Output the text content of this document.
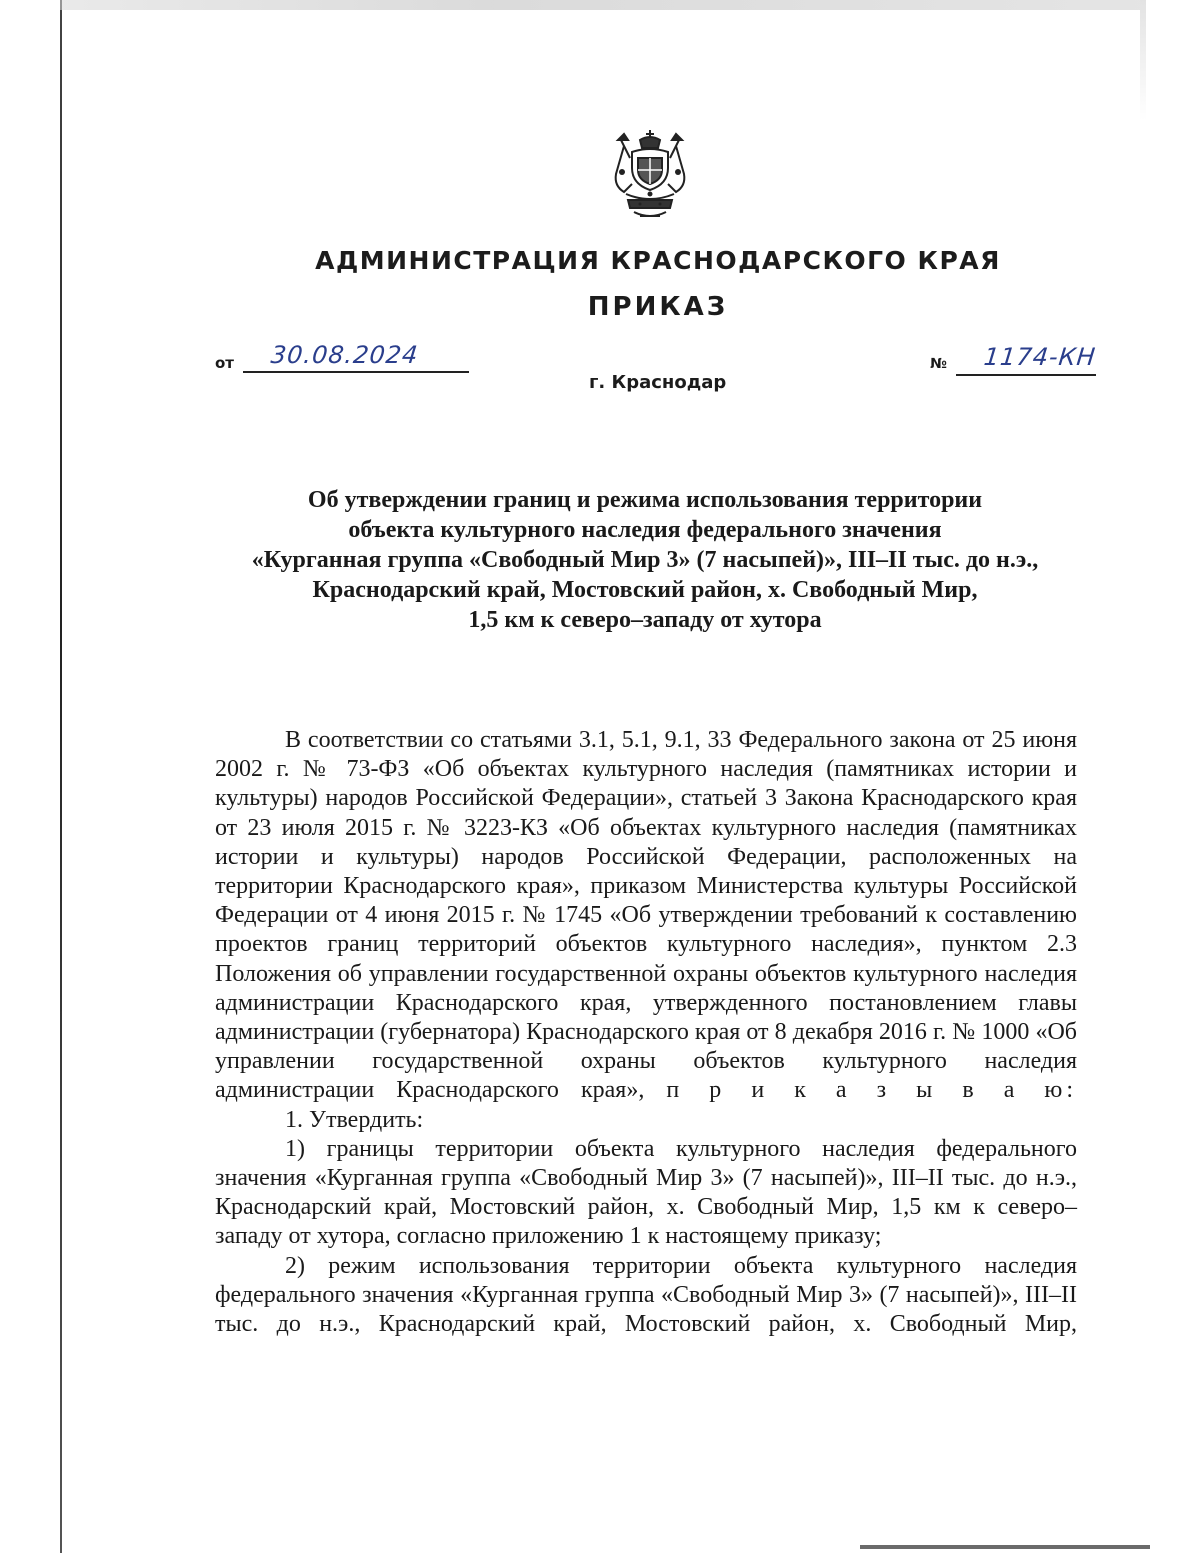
АДМИНИСТРАЦИЯ КРАСНОДАРСКОГО КРАЯ
ПРИКАЗ
от 30.08.2024	№ 1174-КН
г. Краснодар
Об утверждении границ и режима использования территории
объекта культурного наследия федерального значения
«Курганная группа «Свободный Мир 3» (7 насыпей)», III–II тыс. до н.э.,
Краснодарский край, Мостовский район, х. Свободный Мир,
1,5 км к северо–западу от хутора

В соответствии со статьями 3.1, 5.1, 9.1, 33 Федерального закона от 25 июня 2002 г. № 73-ФЗ «Об объектах культурного наследия (памятниках истории и культуры) народов Российской Федерации», статьей 3 Закона Краснодарского края от 23 июля 2015 г. № 3223-КЗ «Об объектах культурного наследия (памятниках истории и культуры) народов Российской Федерации, расположенных на территории Краснодарского края», приказом Министерства культуры Российской Федерации от 4 июня 2015 г. № 1745 «Об утверждении требований к составлению проектов границ территорий объектов культурного наследия», пунктом 2.3 Положения об управлении государственной охраны объектов культурного наследия администрации Краснодарского края, утвержденного постановлением главы администрации (губернатора) Краснодарского края от 8 декабря 2016 г. № 1000 «Об управлении государственной охраны объектов культурного наследия администрации Краснодарского края», п р и к а з ы в а ю:

1. Утвердить:

1) границы территории объекта культурного наследия федерального значения «Курганная группа «Свободный Мир 3» (7 насыпей)», III–II тыс. до н.э., Краснодарский край, Мостовский район, х. Свободный Мир, 1,5 км к северо–западу от хутора, согласно приложению 1 к настоящему приказу;

2) режим использования территории объекта культурного наследия федерального значения «Курганная группа «Свободный Мир 3» (7 насыпей)», III–II тыс. до н.э., Краснодарский край, Мостовский район, х. Свободный Мир,
